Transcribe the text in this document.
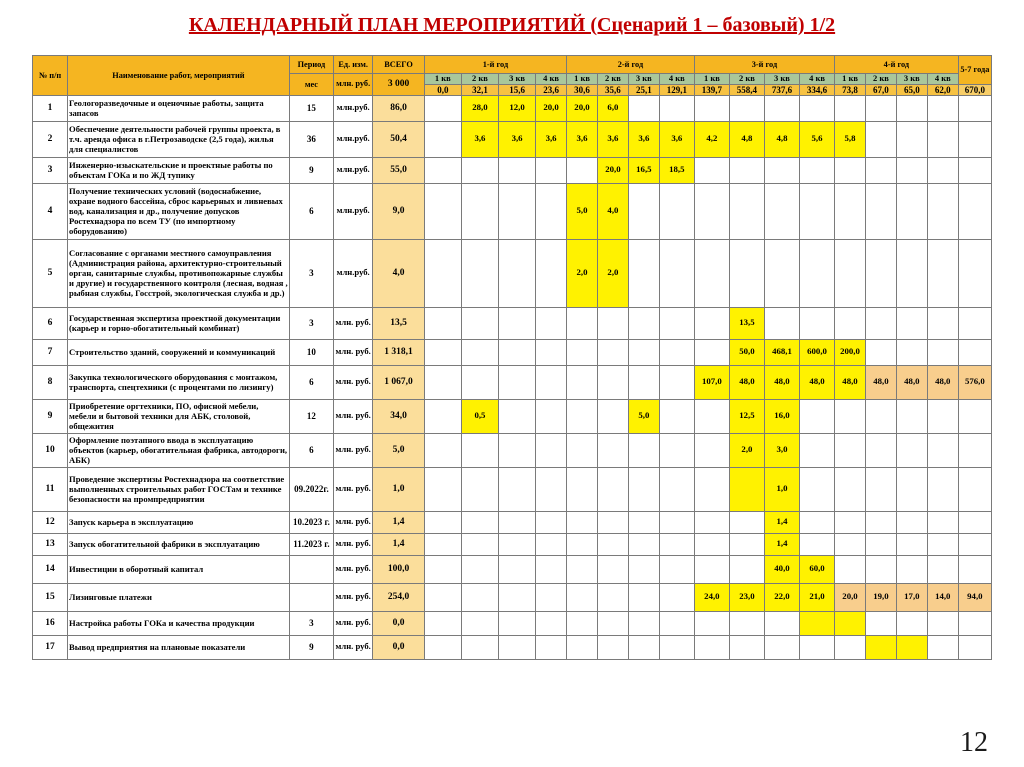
КАЛЕНДАРНЫЙ ПЛАН МЕРОПРИЯТИЙ (Сценарий 1 – базовый) 1/2
№ п/п	Наименование работ, мероприятий	Период	Ед. изм.	ВСЕГО	1-й год				2-й год				3-й год				4-й год				5-7 года
		мес	млн. руб.	3 000	1 кв	2 кв	3 кв	4 кв	1 кв	2 кв	3 кв	4 кв	1 кв	2 кв	3 кв	4 кв	1 кв	2 кв	3 кв	4 кв	
					0,0	32,1	15,6	23,6	30,6	35,6	25,1	129,1	139,7	558,4	737,6	334,6	73,8	67,0	65,0	62,0	670,0
1	Геологоразведочные и оценочные работы, защита запасов	15	млн.руб.	86,0		28,0	12,0	20,0	20,0	6,0											
2	Обеспечение деятельности рабочей группы проекта, в т.ч. аренда офиса в г.Петрозаводске (2,5 года), жилья для специалистов	36	млн.руб.	50,4		3,6	3,6	3,6	3,6	3,6	3,6	3,6	4,2	4,8	4,8	5,6	5,8				
3	Инженерно-изыскательские и проектные работы по объектам ГОКа и по ЖД тупику	9	млн.руб.	55,0						20,0	16,5	18,5									
4	Получение технических условий (водоснабжение, охране водного бассейна, сброс карьерных и ливневых вод, канализация и др., получение допусков Ростехнадзора по всем ТУ (по импортному оборудованию)	6	млн.руб.	9,0					5,0	4,0											
5	Согласование с органами местного самоуправления (Администрация района, архитектурно-строительный орган, санитарные службы, противопожарные службы и другие) и государственного контроля (лесная, водная , рыбная службы, Госстрой, экологическая служба и др.)	3	млн.руб.	4,0					2,0	2,0											
6	Государственная экспертиза проектной документации (карьер и горно-обогатительный комбинат)	3	млн. руб.	13,5										13,5							
7	Строительство зданий, сооружений и коммуникаций	10	млн. руб.	1 318,1										50,0	468,1	600,0	200,0				
8	Закупка технологического оборудования с монтажом, транспорта, спецтехники (с процентами по лизингу)	6	млн. руб.	1 067,0									107,0	48,0	48,0	48,0	48,0	48,0	48,0	48,0	576,0
9	Приобретение оргтехники, ПО, офисной мебели, мебели и бытовой техники для АБК, столовой, общежития	12	млн. руб.	34,0		0,5					5,0			12,5	16,0						
10	Оформление поэтапного ввода в эксплуатацию объектов (карьер, обогатительная фабрика, автодороги, АБК)	6	млн. руб.	5,0										2,0	3,0						
11	Проведение экспертизы Ростехнадзора на соответствие выполненных строительных работ ГОСТам и технике безопасности на промпредприятии	09.2022г.	млн. руб.	1,0											1,0						
12	Запуск карьера в эксплуатацию	10.2023 г.	млн. руб.	1,4											1,4						
13	Запуск обогатительной фабрики в эксплуатацию	11.2023 г.	млн. руб.	1,4											1,4						
14	Инвестиции в оборотный капитал		млн. руб.	100,0											40,0	60,0					
15	Лизинговые платежи		млн. руб.	254,0									24,0	23,0	22,0	21,0	20,0	19,0	17,0	14,0	94,0
16	Настройка работы ГОКа и качества продукции	3	млн. руб.	0,0																	
17	Вывод предприятия на плановые показатели	9	млн. руб.	0,0																	
12
